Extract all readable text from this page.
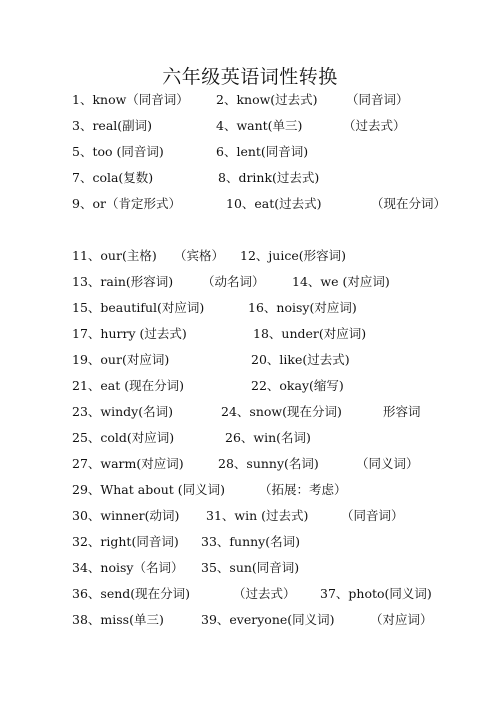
六年级英语词性转换
1、know（同音词） 2、know(过去式) （同音词）
3、real(副词)	4、want(单三)	（过去式）
5、too (同音词)	6、lent(同音词)
7、cola(复数)	8、drink(过去式)
9、or（肯定形式）	10、eat(过去式)	（现在分词）
11、our(主格) （宾格） 12、juice(形容词)
13、rain(形容词) （动名词） 14、we (对应词)
15、beautiful(对应词)	16、noisy(对应词)
17、hurry (过去式)	18、under(对应词)
19、our(对应词)	20、like(过去式)
21、eat (现在分词)	22、okay(缩写)
23、windy(名词)	24、snow(现在分词)	形容词
25、cold(对应词)	26、win(名词)
27、warm(对应词)	28、sunny(名词)	（同义词）
29、What about (同义词)	（拓展：考虑）
30、winner(动词) 31、win (过去式)	（同音词）
32、right(同音词) 33、funny(名词)
34、noisy（名词） 35、sun(同音词)
36、send(现在分词)	（过去式） 37、photo(同义词)
38、miss(单三)	39、everyone(同义词)	（对应词）
